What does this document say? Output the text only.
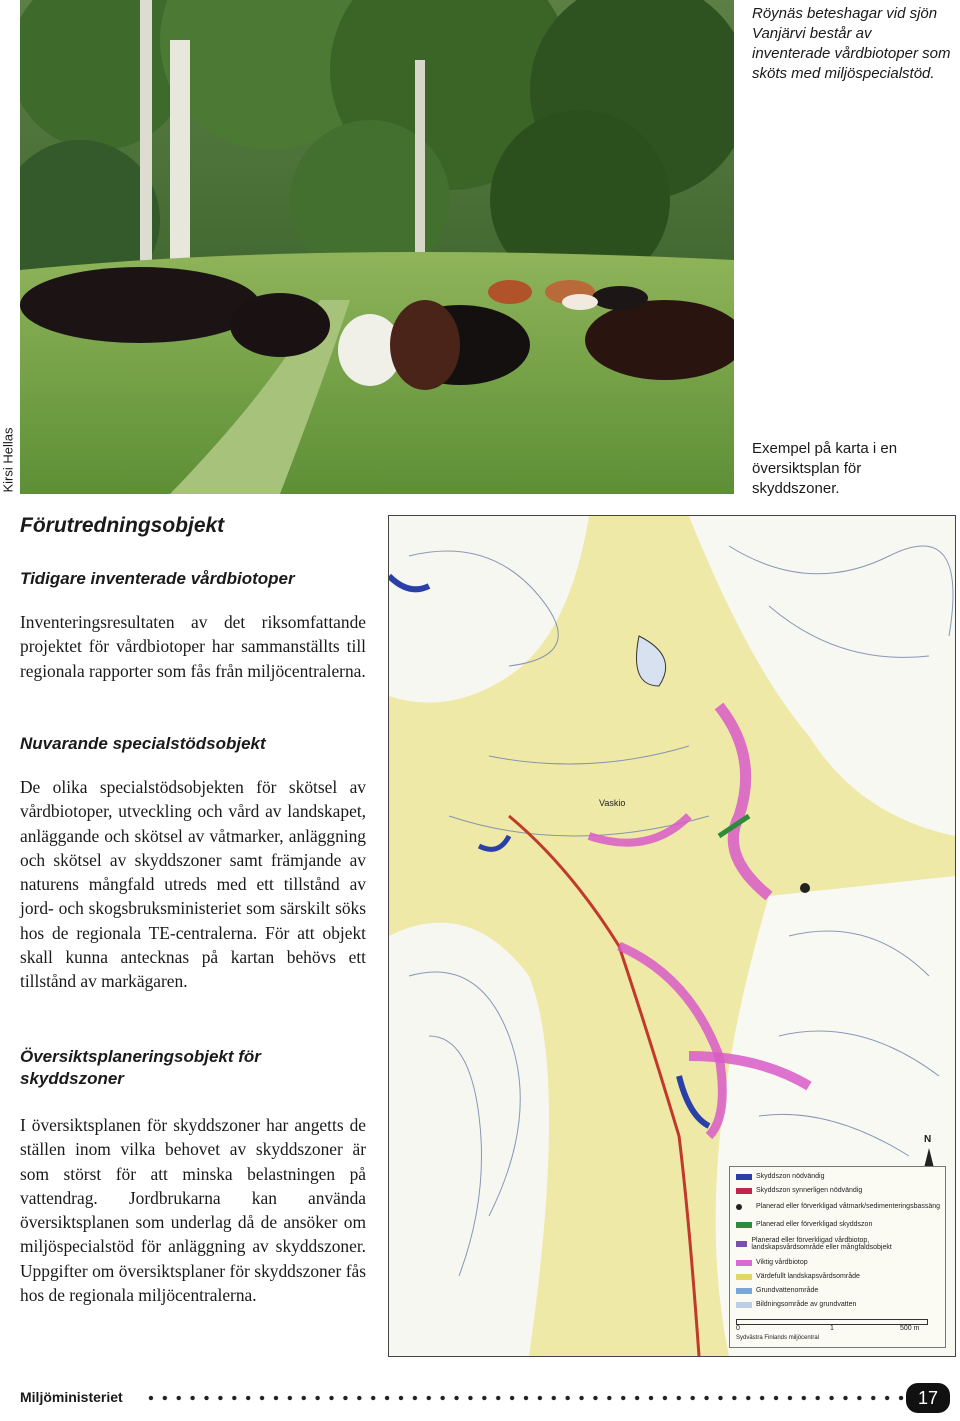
Kirsi Hellas
Röynäs beteshagar vid sjön Vanjärvi består av inventerade vårdbiotoper som sköts med miljöspecialstöd.
Exempel på karta i en översiktsplan för skyddszoner.
Förutredningsobjekt
Tidigare inventerade vårdbiotoper

Inventeringsresultaten av det riksomfattande projektet för vårdbiotoper har sammanställts till regionala rapporter som fås från miljöcentralerna.

Nuvarande specialstödsobjekt

De olika specialstödsobjekten för skötsel av vårdbiotoper, utveckling och vård av landskapet, anläggande och skötsel av våtmarker, anläggning och skötsel av skyddszoner samt främjande av naturens mångfald utreds med ett tillstånd av jord- och skogsbruksministeriet som särskilt söks hos de regionala TE-centralerna. För att objekt skall kunna antecknas på kartan behövs ett tillstånd av markägaren.

Översiktsplaneringsobjekt för skyddszoner

I översiktsplanen för skyddszoner har angetts de ställen inom vilka behovet av skyddszoner är som störst för att minska belastningen på vattendrag. Jordbrukarna kan använda översiktsplanen som underlag då de ansöker om miljöspecialstöd för anläggning av skyddszoner. Uppgifter om översiktsplaner för skyddszoner fås hos de regionala miljöcentralerna.

Vaskio
N
Skyddszon nödvändig
Skyddszon synnerligen nödvändig
Planerad eller förverkligad våtmark/sedimenteringsbassäng
Planerad eller förverkligad skyddszon
Planerad eller förverkligad vårdbiotop, landskapsvårdsområde eller mångfaldsobjekt
Viktig vårdbiotop
Värdefullt landskapsvårdsområde
Grundvattenområde
Bildningsområde av grundvatten
0	1	500 m
Sydvästra Finlands miljöcentral
Miljöministeriet	17
